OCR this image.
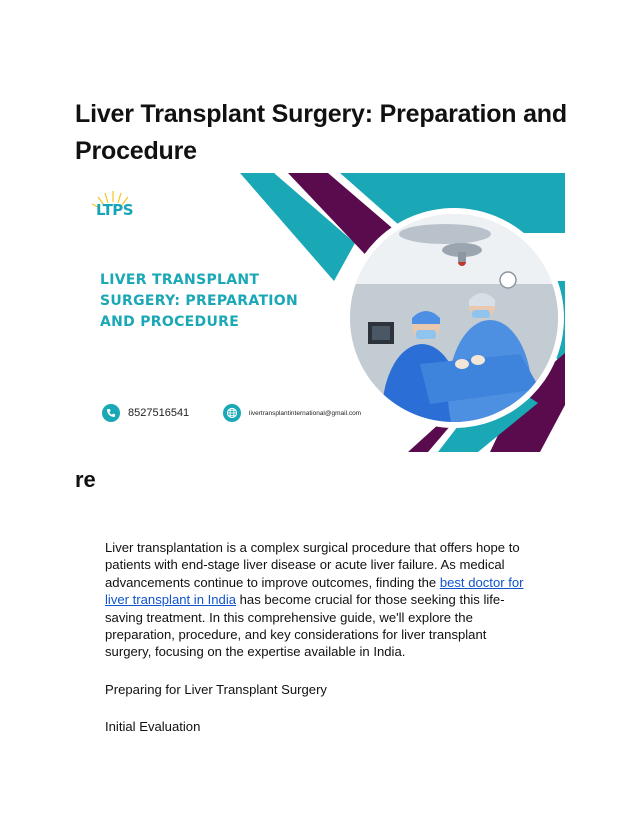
Liver Transplant Surgery: Preparation and Procedure
LTPS
LIVER TRANSPLANT SURGERY: PREPARATION AND PROCEDURE
8527516541	livertransplantinternational@gmail.com

re

Liver transplantation is a complex surgical procedure that offers hope to patients with end-stage liver disease or acute liver failure. As medical advancements continue to improve outcomes, finding the best doctor for liver transplant in India has become crucial for those seeking this life-saving treatment. In this comprehensive guide, we'll explore the preparation, procedure, and key considerations for liver transplant surgery, focusing on the expertise available in India.

Preparing for Liver Transplant Surgery

Initial Evaluation
